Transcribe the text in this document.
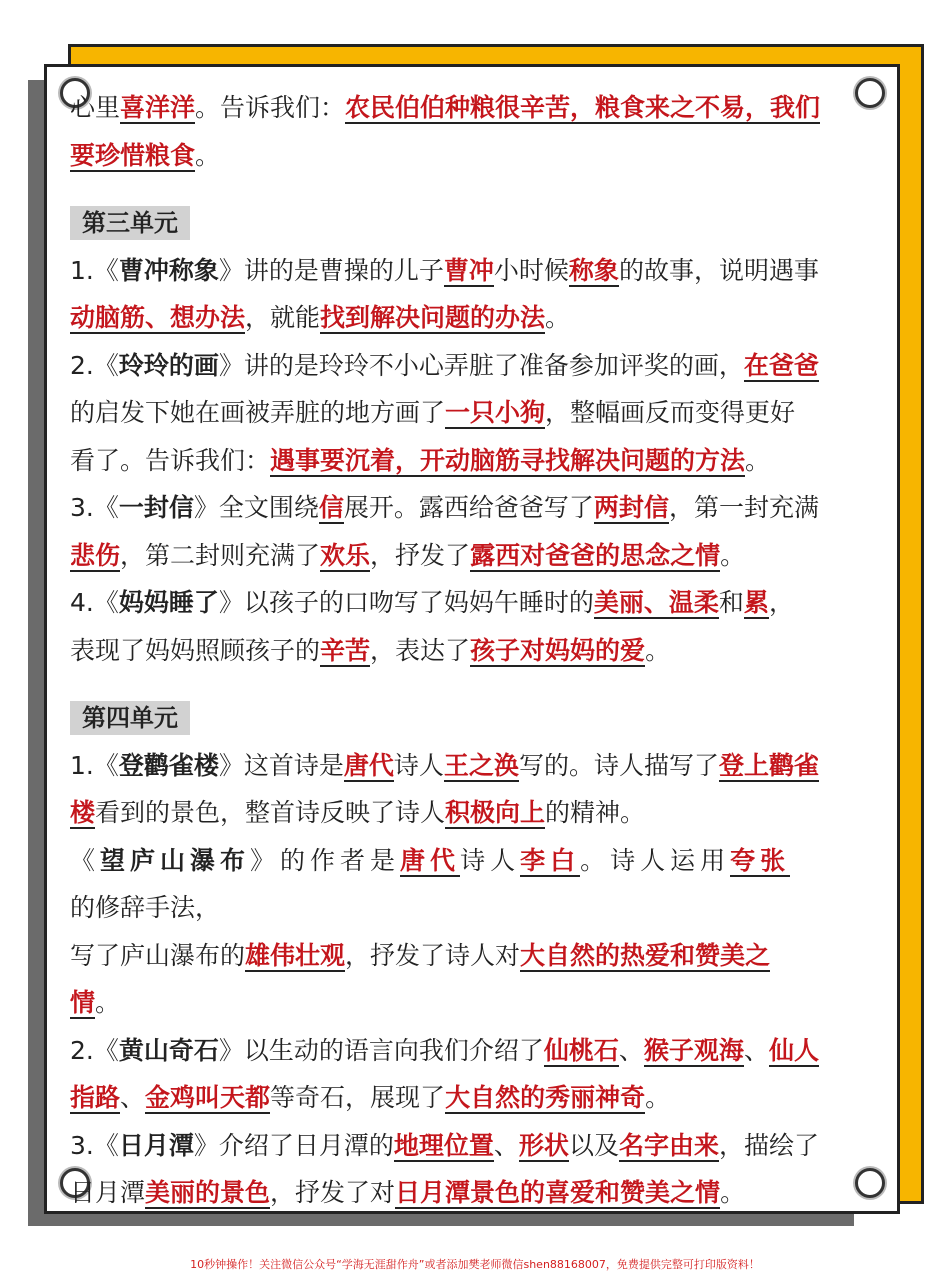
心里喜洋洋。告诉我们：农民伯伯种粮很辛苦，粮食来之不易，我们
要珍惜粮食。
第三单元
1.《曹冲称象》讲的是曹操的儿子曹冲小时候称象的故事，说明遇事
动脑筋、想办法，就能找到解决问题的办法。
2.《玲玲的画》讲的是玲玲不小心弄脏了准备参加评奖的画，在爸爸
的启发下她在画被弄脏的地方画了一只小狗，整幅画反而变得更好
看了。告诉我们：遇事要沉着，开动脑筋寻找解决问题的方法。
3.《一封信》全文围绕信展开。露西给爸爸写了两封信，第一封充满
悲伤，第二封则充满了欢乐，抒发了露西对爸爸的思念之情。
4.《妈妈睡了》以孩子的口吻写了妈妈午睡时的美丽、温柔和累，
表现了妈妈照顾孩子的辛苦，表达了孩子对妈妈的爱。
第四单元
1.《登鹳雀楼》这首诗是唐代诗人王之涣写的。诗人描写了登上鹳雀
楼看到的景色，整首诗反映了诗人积极向上的精神。
《望庐山瀑布》的作者是唐代诗人李白。诗人运用夸张
的修辞手法，
写了庐山瀑布的雄伟壮观，抒发了诗人对大自然的热爱和赞美之
情。
2.《黄山奇石》以生动的语言向我们介绍了仙桃石、猴子观海、仙人
指路、金鸡叫天都等奇石，展现了大自然的秀丽神奇。
3.《日月潭》介绍了日月潭的地理位置、形状以及名字由来，描绘了
日月潭美丽的景色，抒发了对日月潭景色的喜爱和赞美之情。
10秒钟操作！关注微信公众号“学海无涯甜作舟”或者添加樊老师微信shen88168007，免费提供完整可打印版资料！
